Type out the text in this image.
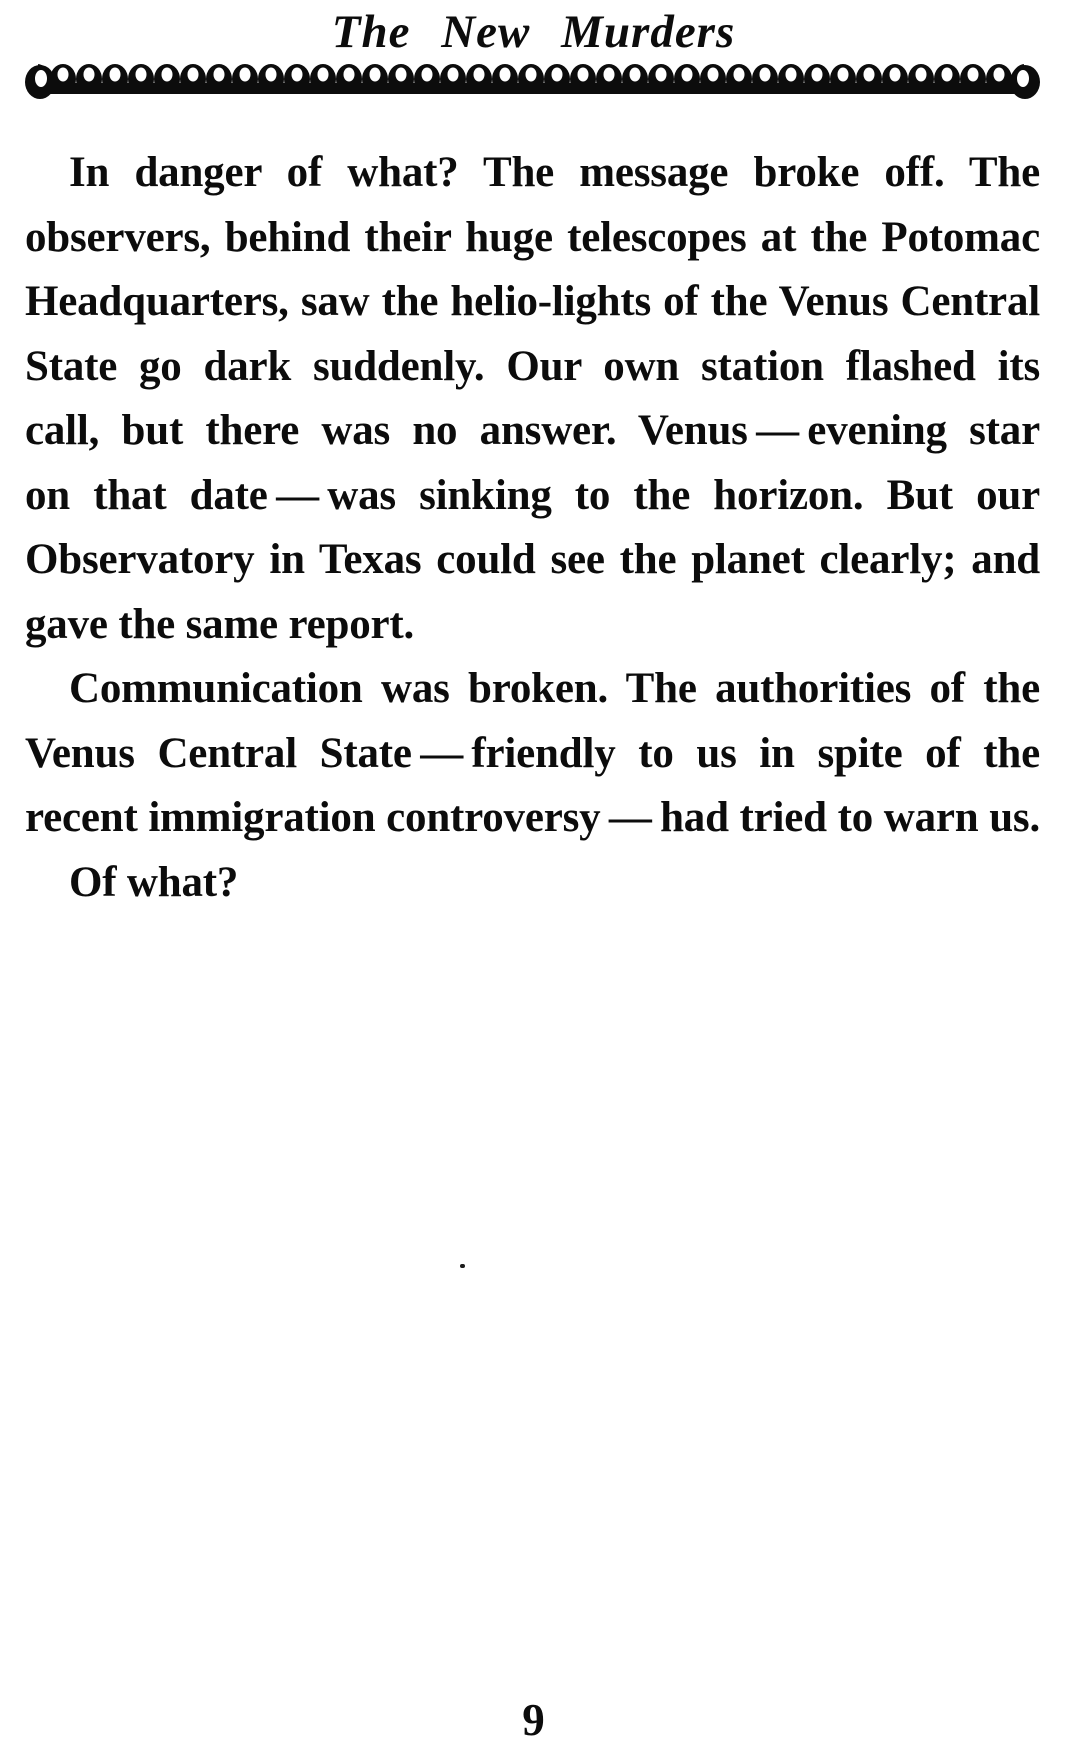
The New Murders
In danger of what? The message broke off. The
observers, behind their huge telescopes at the Potomac
Headquarters, saw the helio-lights of the Venus Central
State go dark suddenly. Our own station flashed its
call, but there was no answer. Venus — evening star
on that date — was sinking to the horizon. But our
Observatory in Texas could see the planet clearly; and
gave the same report.
Communication was broken. The authorities of the
Venus Central State — friendly to us in spite of the
recent immigration controversy — had tried to warn us.
Of what?
9
